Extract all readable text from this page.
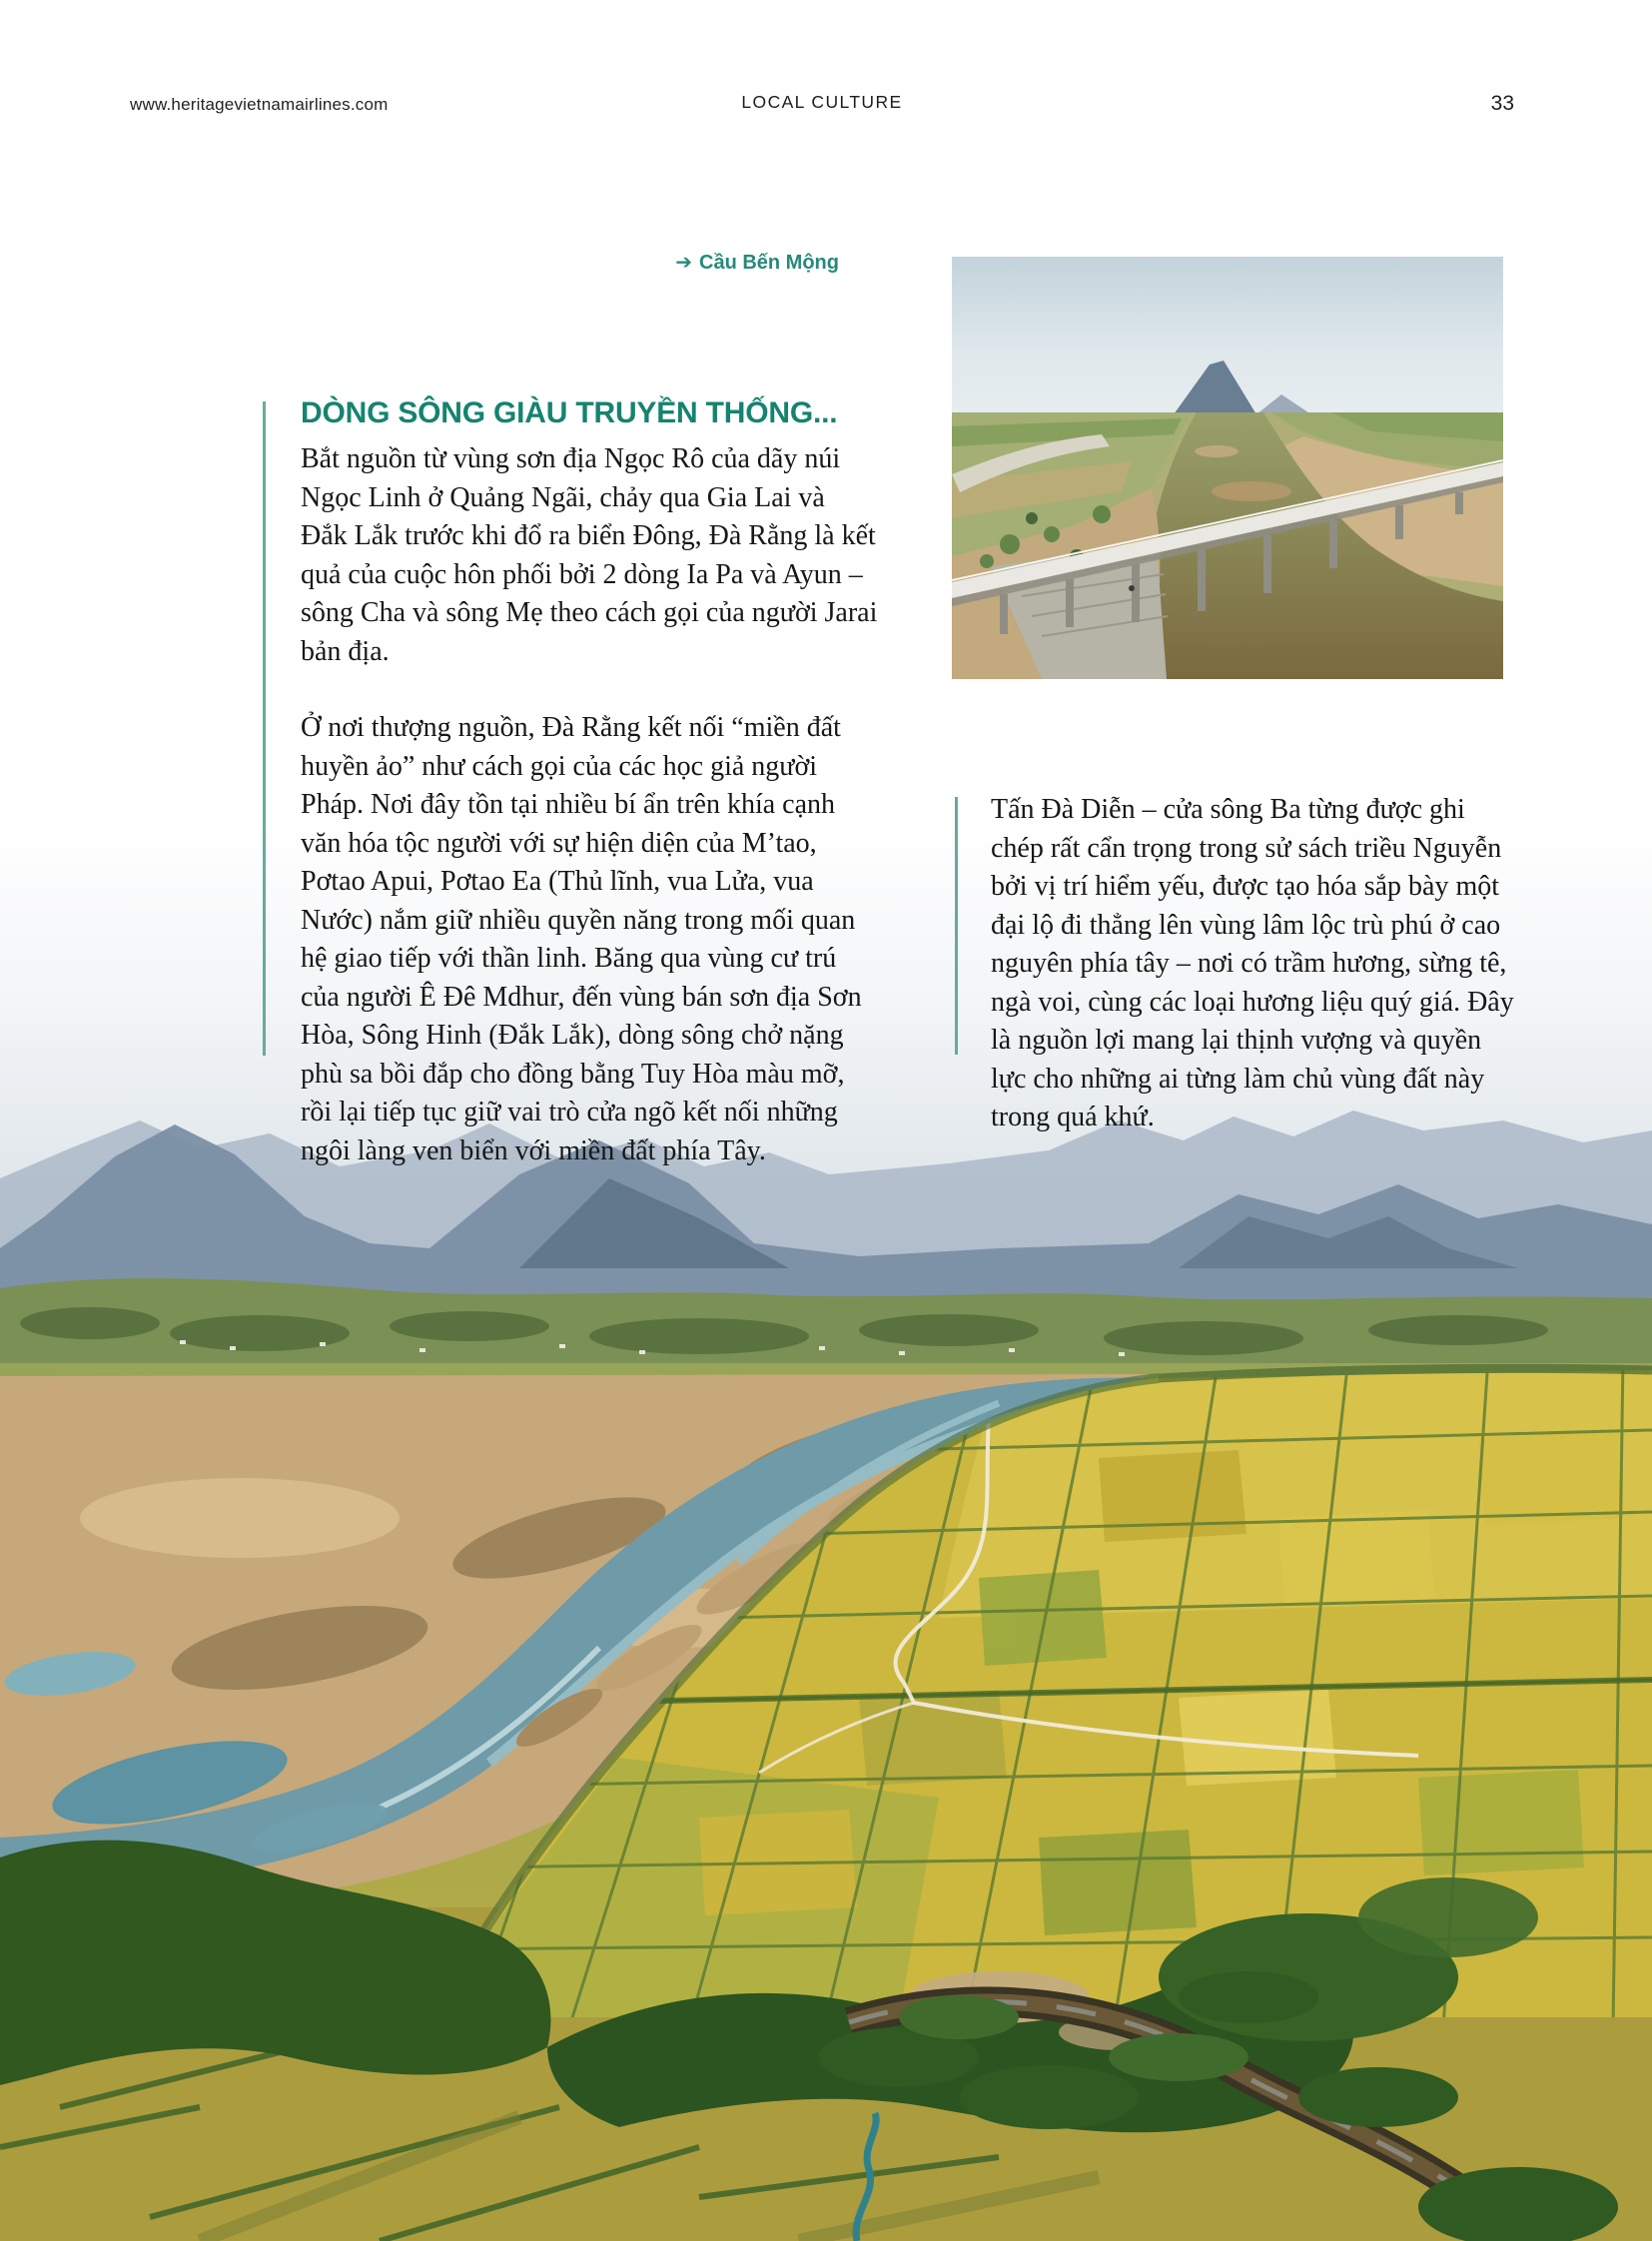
www.heritagevietnamairlines.com	LOCAL CULTURE	33
➔ Cầu Bến Mộng
DÒNG SÔNG GIÀU TRUYỀN THỐNG...

Bắt nguồn từ vùng sơn địa Ngọc Rô của dãy núi Ngọc Linh ở Quảng Ngãi, chảy qua Gia Lai và Đắk Lắk trước khi đổ ra biển Đông, Đà Rằng là kết quả của cuộc hôn phối bởi 2 dòng Ia Pa và Ayun – sông Cha và sông Mẹ theo cách gọi của người Jarai bản địa.

Ở nơi thượng nguồn, Đà Rằng kết nối “miền đất huyền ảo” như cách gọi của các học giả người Pháp. Nơi đây tồn tại nhiều bí ẩn trên khía cạnh văn hóa tộc người với sự hiện diện của M’tao, Pơtao Apui, Pơtao Ea (Thủ lĩnh, vua Lửa, vua Nước) nắm giữ nhiều quyền năng trong mối quan hệ giao tiếp với thần linh. Băng qua vùng cư trú của người Ê Đê Mdhur, đến vùng bán sơn địa Sơn Hòa, Sông Hinh (Đắk Lắk), dòng sông chở nặng phù sa bồi đắp cho đồng bằng Tuy Hòa màu mỡ, rồi lại tiếp tục giữ vai trò cửa ngõ kết nối những ngôi làng ven biển với miền đất phía Tây.

Tấn Đà Diễn – cửa sông Ba từng được ghi chép rất cẩn trọng trong sử sách triều Nguyễn bởi vị trí hiểm yếu, được tạo hóa sắp bày một đại lộ đi thẳng lên vùng lâm lộc trù phú ở cao nguyên phía tây – nơi có trầm hương, sừng tê, ngà voi, cùng các loại hương liệu quý giá. Đây là nguồn lợi mang lại thịnh vượng và quyền lực cho những ai từng làm chủ vùng đất này trong quá khứ.
